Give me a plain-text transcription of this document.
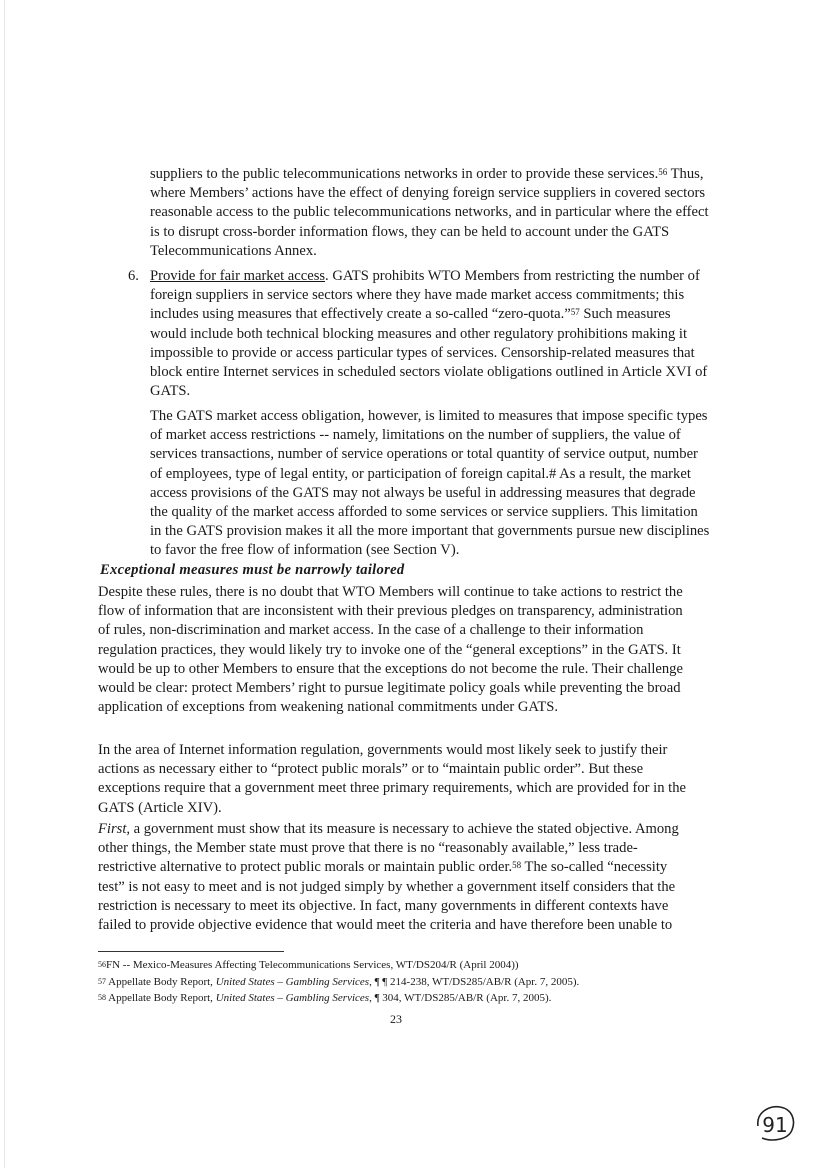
suppliers to the public telecommunications networks in order to provide these services.$^{56}$ Thus, where Members’ actions have the effect of denying foreign service suppliers in covered sectors reasonable access to the public telecommunications networks, and in particular where the effect is to disrupt cross-border information flows, they can be held to account under the GATS Telecommunications Annex.

6. Provide for fair market access. GATS prohibits WTO Members from restricting the number of foreign suppliers in service sectors where they have made market access commitments; this includes using measures that effectively create a so-called “zero-quota.”$^{57}$ Such measures would include both technical blocking measures and other regulatory prohibitions making it impossible to provide or access particular types of services. Censorship-related measures that block entire Internet services in scheduled sectors violate obligations outlined in Article XVI of GATS.

The GATS market access obligation, however, is limited to measures that impose specific types of market access restrictions -- namely, limitations on the number of suppliers, the value of services transactions, number of service operations or total quantity of service output, number of employees, type of legal entity, or participation of foreign capital.# As a result, the market access provisions of the GATS may not always be useful in addressing measures that degrade the quality of the market access afforded to some services or service suppliers. This limitation in the GATS provision makes it all the more important that governments pursue new disciplines to favor the free flow of information (see Section V).

Exceptional measures must be narrowly tailored

Despite these rules, there is no doubt that WTO Members will continue to take actions to restrict the flow of information that are inconsistent with their previous pledges on transparency, administration of rules, non-discrimination and market access. In the case of a challenge to their information regulation practices, they would likely try to invoke one of the “general exceptions” in the GATS. It would be up to other Members to ensure that the exceptions do not become the rule. Their challenge would be clear: protect Members’ right to pursue legitimate policy goals while preventing the broad application of exceptions from weakening national commitments under GATS.

In the area of Internet information regulation, governments would most likely seek to justify their actions as necessary either to “protect public morals” or to “maintain public order”. But these exceptions require that a government meet three primary requirements, which are provided for in the GATS (Article XIV).

First, a government must show that its measure is necessary to achieve the stated objective. Among other things, the Member state must prove that there is no “reasonably available,” less trade-restrictive alternative to protect public morals or maintain public order.$^{58}$ The so-called “necessity test” is not easy to meet and is not judged simply by whether a government itself considers that the restriction is necessary to meet its objective. In fact, many governments in different contexts have failed to provide objective evidence that would meet the criteria and have therefore been unable to

$^{56}$FN -- Mexico-Measures Affecting Telecommunications Services, WT/DS204/R (April 2004))

$^{57}$ Appellate Body Report, United States – Gambling Services, ¶ ¶ 214-238, WT/DS285/AB/R (Apr. 7, 2005).

$^{58}$ Appellate Body Report, United States – Gambling Services, ¶ 304, WT/DS285/AB/R (Apr. 7, 2005).

23

91
